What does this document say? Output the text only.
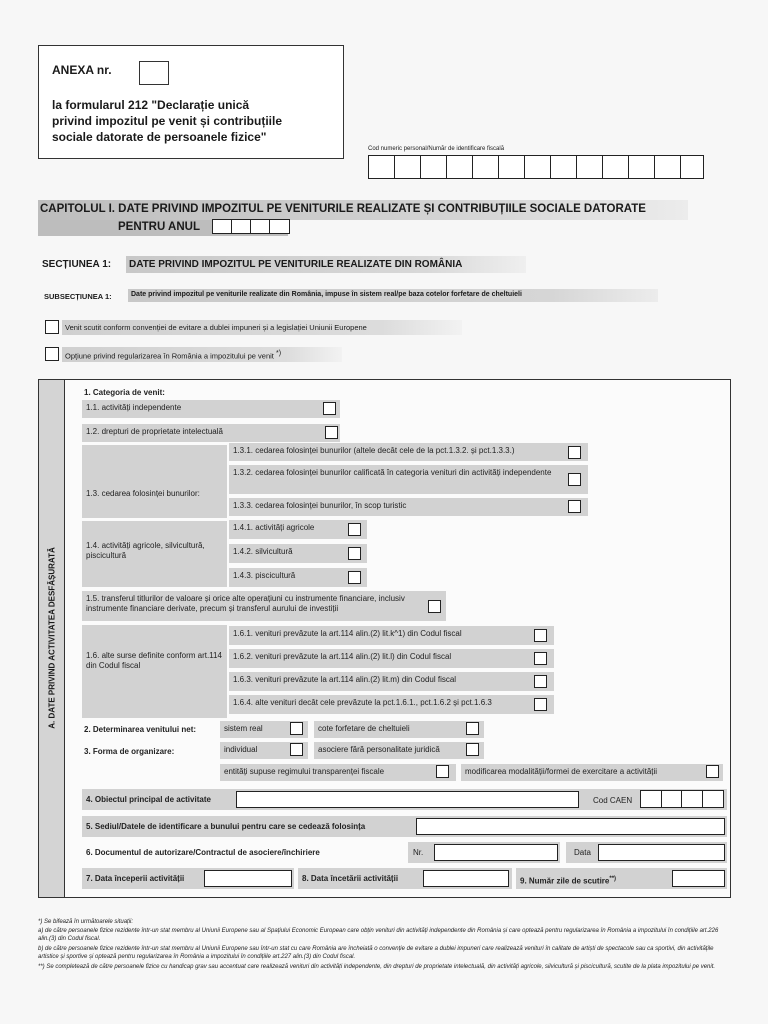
ANEXA nr.
la formularul 212 "Declarație unică
privind impozitul pe venit și contribuțiile
sociale datorate de persoanele fizice"
Cod numeric personal/Număr de identificare fiscală
CAPITOLUL I. DATE PRIVIND IMPOZITUL PE VENITURILE REALIZATE ȘI CONTRIBUȚIILE SOCIALE DATORATE
PENTRU ANUL
SECȚIUNEA 1: DATE PRIVIND IMPOZITUL PE VENITURILE REALIZATE DIN ROMÂNIA
SUBSECȚIUNEA 1:	Date privind impozitul pe veniturile realizate din România, impuse în sistem real/pe baza cotelor forfetare de cheltuieli
Venit scutit conform convenției de evitare a dublei impuneri și a legislației Uniunii Europene
Opțiune privind regularizarea în România a impozitului pe venit *)
A. DATE PRIVIND ACTIVITATEA DESFĂȘURATĂ
1. Categoria de venit:
1.1. activități independente
1.2. drepturi de proprietate intelectuală
1.3. cedarea folosinței bunurilor:
1.3.1. cedarea folosinței bunurilor (altele decât cele de la pct.1.3.2. și pct.1.3.3.)
1.3.2. cedarea folosinței bunurilor calificată în categoria venituri din activități independente
1.3.3. cedarea folosinței bunurilor, în scop turistic
1.4. activități agricole, silvicultură, piscicultură
1.4.1. activități agricole
1.4.2. silvicultură
1.4.3. piscicultură
1.5. transferul titlurilor de valoare și orice alte operațiuni cu instrumente financiare, inclusiv instrumente financiare derivate, precum și transferul aurului de investiții
1.6. alte surse definite conform art.114 din Codul fiscal
1.6.1. venituri prevăzute la art.114 alin.(2) lit.k^1) din Codul fiscal
1.6.2. venituri prevăzute la art.114 alin.(2) lit.l) din Codul fiscal
1.6.3. venituri prevăzute la art.114 alin.(2) lit.m) din Codul fiscal
1.6.4. alte venituri decât cele prevăzute la pct.1.6.1., pct.1.6.2 și pct.1.6.3
2. Determinarea venitului net:	sistem real	cote forfetare de cheltuieli
3. Forma de organizare:	individual	asociere fără personalitate juridică
entități supuse regimului transparenței fiscale	modificarea modalității/formei de exercitare a activității
4. Obiectul principal de activitate	Cod CAEN
5. Sediul/Datele de identificare a bunului pentru care se cedează folosința
6. Documentul de autorizare/Contractul de asociere/închiriere	Nr.	Data
7. Data începerii activității	8. Data încetării activității	9. Număr zile de scutire**)
*) Se bifează în următoarele situații:
a) de către persoanele fizice rezidente într-un stat membru al Uniunii Europene sau al Spațiului Economic European care obțin venituri din activități independente din România și care optează pentru regularizarea în România a impozitului în condițiile art.226 alin.(3) din Codul fiscal.
b) de către persoanele fizice rezidente într-un stat membru al Uniunii Europene sau într-un stat cu care România are încheiată o convenție de evitare a dublei impuneri care realizează venituri în calitate de artiști de spectacole sau ca sportivi, din activitățile artistice și sportive și optează pentru regularizarea în România a impozitului în condițiile art.227 alin.(3) din Codul fiscal.
**) Se completează de către persoanele fizice cu handicap grav sau accentuat care realizează venituri din activități independente, din drepturi de proprietate intelectuală, din activități agricole, silvicultură și piscicultură, scutite de la plata impozitului pe venit.
